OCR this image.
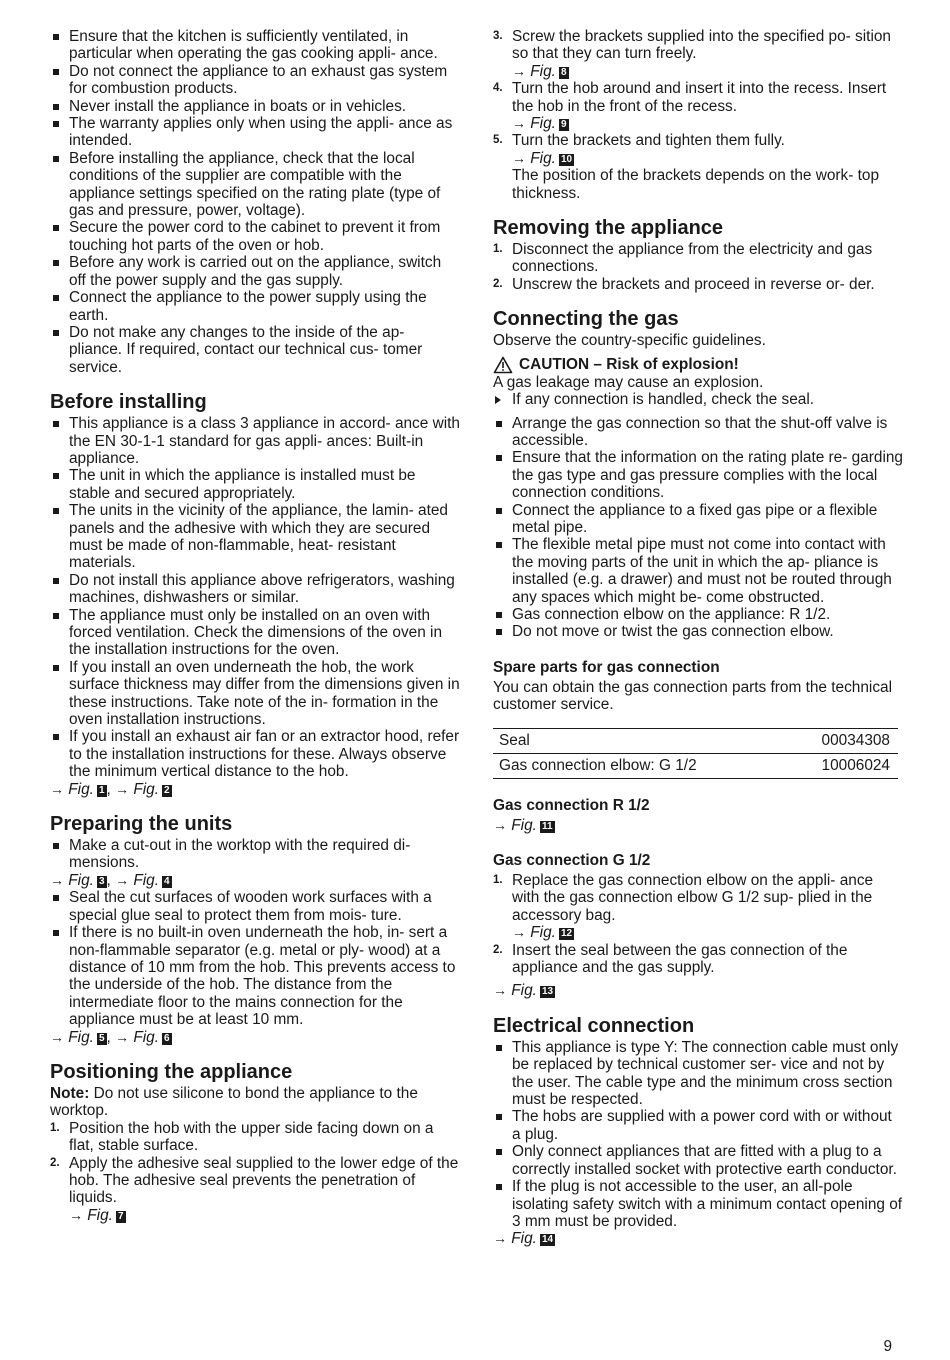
Ensure that the kitchen is sufficiently ventilated, in particular when operating the gas cooking appli- ance.
Do not connect the appliance to an exhaust gas system for combustion products.
Never install the appliance in boats or in vehicles.
The warranty applies only when using the appli- ance as intended.
Before installing the appliance, check that the local conditions of the supplier are compatible with the appliance settings specified on the rating plate (type of gas and pressure, power, voltage).
Secure the power cord to the cabinet to prevent it from touching hot parts of the oven or hob.
Before any work is carried out on the appliance, switch off the power supply and the gas supply.
Connect the appliance to the power supply using the earth.
Do not make any changes to the inside of the ap- pliance. If required, contact our technical cus- tomer service.
Before installing
This appliance is a class 3 appliance in accord- ance with the EN 30-1-1 standard for gas appli- ances: Built-in appliance.
The unit in which the appliance is installed must be stable and secured appropriately.
The units in the vicinity of the appliance, the lamin- ated panels and the adhesive with which they are secured must be made of non-flammable, heat- resistant materials.
Do not install this appliance above refrigerators, washing machines, dishwashers or similar.
The appliance must only be installed on an oven with forced ventilation. Check the dimensions of the oven in the installation instructions for the oven.
If you install an oven underneath the hob, the work surface thickness may differ from the dimensions given in these instructions. Take note of the in- formation in the oven installation instructions.
If you install an exhaust air fan or an extractor hood, refer to the installation instructions for these. Always observe the minimum vertical distance to the hob.

→ Fig. 1 , → Fig. 2

Preparing the units
Make a cut-out in the worktop with the required di- mensions.

→ Fig. 3 , → Fig. 4

Seal the cut surfaces of wooden work surfaces with a special glue seal to protect them from mois- ture.
If there is no built-in oven underneath the hob, in- sert a non-flammable separator (e.g. metal or ply- wood) at a distance of 10 mm from the hob. This prevents access to the underside of the hob. The distance from the intermediate floor to the mains connection for the appliance must be at least 10 mm.

→ Fig. 5 , → Fig. 6

Positioning the appliance

Note: Do not use silicone to bond the appliance to the worktop.

1. Position the hob with the upper side facing down on a flat, stable surface.
2. Apply the adhesive seal supplied to the lower edge of the hob. The adhesive seal prevents the penetration of liquids.

→ Fig. 7

3. Screw the brackets supplied into the specified po- sition so that they can turn freely.

→ Fig. 8

4. Turn the hob around and insert it into the recess. Insert the hob in the front of the recess.

→ Fig. 9

5. Turn the brackets and tighten them fully.

→ Fig. 10

The position of the brackets depends on the work- top thickness.

Removing the appliance
1. Disconnect the appliance from the electricity and gas connections.
2. Unscrew the brackets and proceed in reverse or- der.
Connecting the gas

Observe the country-specific guidelines.

CAUTION – Risk of explosion!

A gas leakage may cause an explosion.

If any connection is handled, check the seal.
Arrange the gas connection so that the shut-off valve is accessible.
Ensure that the information on the rating plate re- garding the gas type and gas pressure complies with the local connection conditions.
Connect the appliance to a fixed gas pipe or a flexible metal pipe.
The flexible metal pipe must not come into contact with the moving parts of the unit in which the ap- pliance is installed (e.g. a drawer) and must not be routed through any spaces which might be- come obstructed.
Gas connection elbow on the appliance: R 1/2.
Do not move or twist the gas connection elbow.
Spare parts for gas connection

You can obtain the gas connection parts from the technical customer service.

Seal	00034308
Gas connection elbow: G 1/2	10006024
Gas connection R 1/2

→ Fig. 11

Gas connection G 1/2
1. Replace the gas connection elbow on the appli- ance with the gas connection elbow G 1/2 sup- plied in the accessory bag.

→ Fig. 12

2. Insert the seal between the gas connection of the appliance and the gas supply.

→ Fig. 13

Electrical connection
This appliance is type Y: The connection cable must only be replaced by technical customer ser- vice and not by the user. The cable type and the minimum cross section must be respected.
The hobs are supplied with a power cord with or without a plug.
Only connect appliances that are fitted with a plug to a correctly installed socket with protective earth conductor.
If the plug is not accessible to the user, an all-pole isolating safety switch with a minimum contact opening of 3 mm must be provided.

→ Fig. 14

9
